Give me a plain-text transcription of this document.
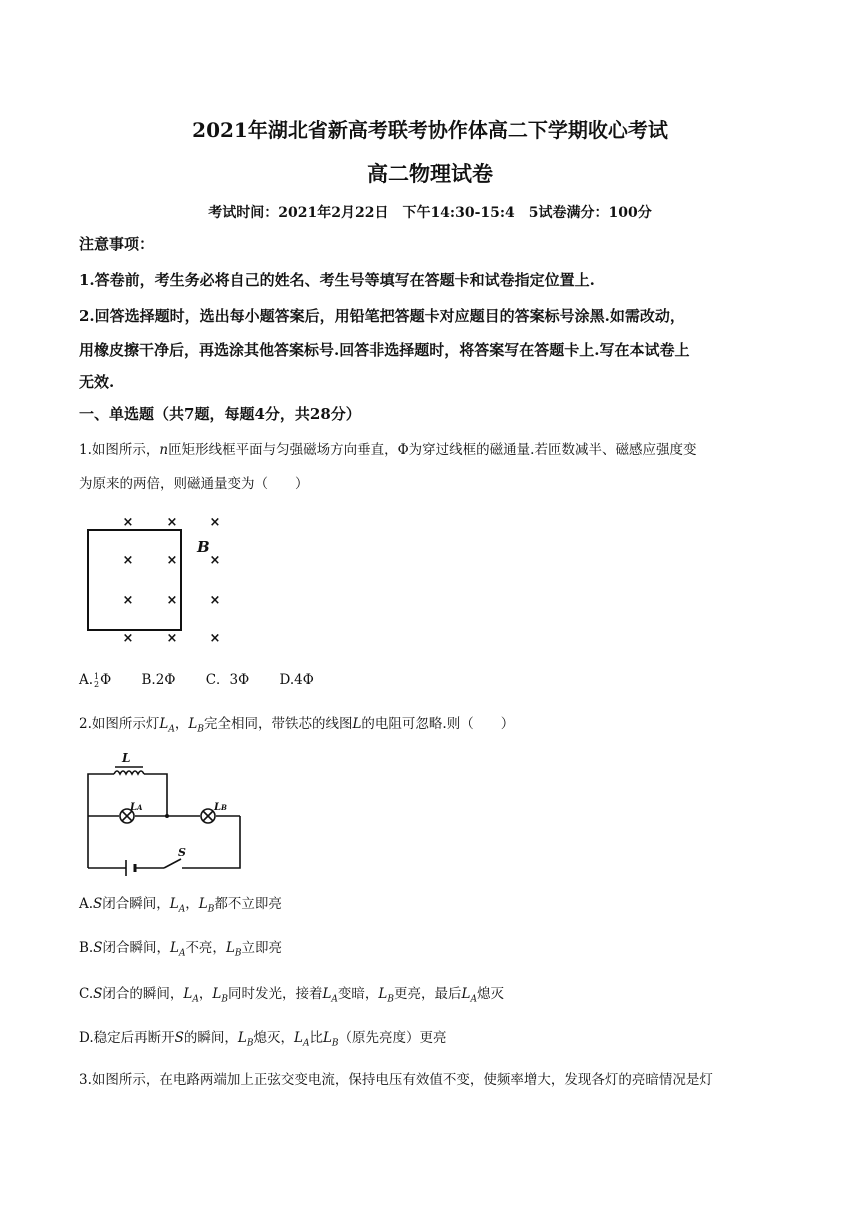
2021年湖北省新高考联考协作体高二下学期收心考试
高二物理试卷
考试时间：2021年2月22日　下午14:30-15:4　5试卷满分：100分
注意事项：
1.答卷前，考生务必将自己的姓名、考生号等填写在答题卡和试卷指定位置上.
2.回答选择题时，选出每小题答案后，用铅笔把答题卡对应题目的答案标号涂黑.如需改动，
用橡皮擦干净后，再选涂其他答案标号.回答非选择题时，将答案写在答题卡上.写在本试卷上
无效.
一、单选题（共7题，每题4分，共28分）
1.如图所示，n匝矩形线框平面与匀强磁场方向垂直，Φ为穿过线框的磁通量.若匝数减半、磁感应强度变
为原来的两倍，则磁通量变为（　　）
×	× ×
×	× ×
×	× ×
×	× ×
B
A. 1
2 Φ B.2Φ C．3Φ D.4Φ
2.如图所示灯$L_A$，$L_B$完全相同，带铁芯的线图L的电阻可忽略.则（　　）
L
LA	LB
S
A.S闭合瞬间，$L_A$，$L_B$都不立即亮
B.S闭合瞬间，$L_A$不亮，$L_B$立即亮
C.S闭合的瞬间，$L_A$，$L_B$同时发光，接着$L_A$变暗，$L_B$更亮，最后$L_A$熄灭
D.稳定后再断开S的瞬间，$L_B$熄灭，$L_A$比$L_B$（原先亮度）更亮
3.如图所示，在电路两端加上正弦交变电流，保持电压有效值不变，使频率增大，发现各灯的亮暗情况是灯
